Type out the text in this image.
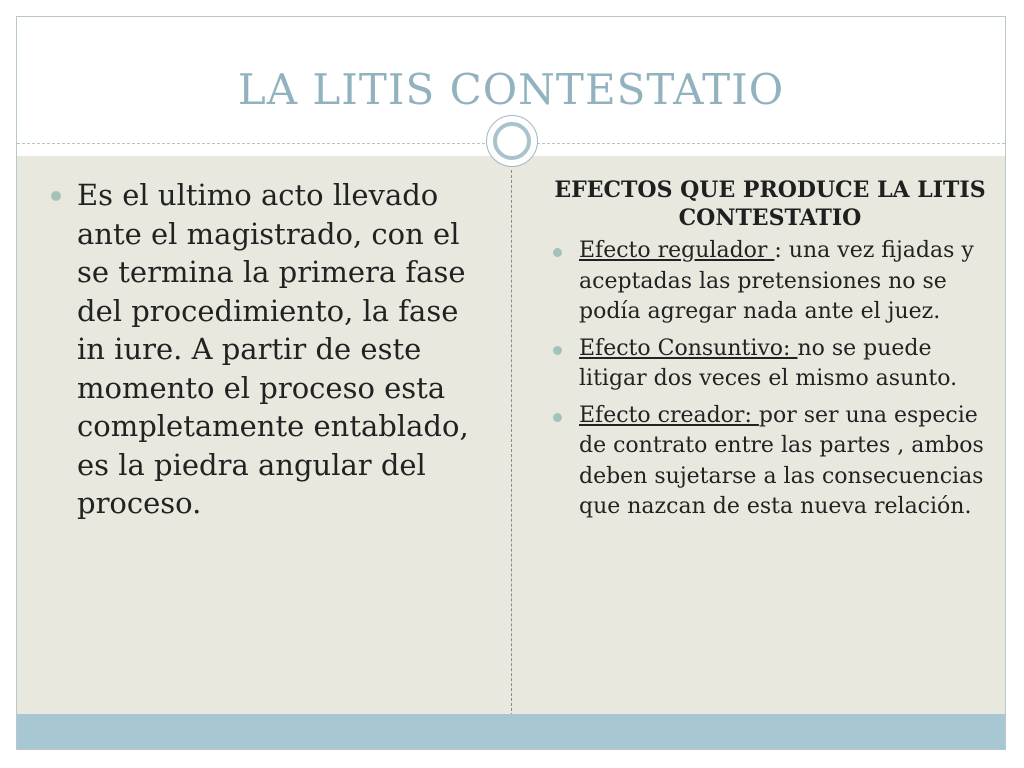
LA LITIS CONTESTATIO
Es el ultimo acto llevado ante el magistrado, con el se termina la primera fase del procedimiento, la fase in iure. A partir de este momento el proceso esta completamente entablado, es la piedra angular del proceso.
EFECTOS QUE PRODUCE LA LITIS CONTESTATIO
Efecto regulador : una vez fijadas y aceptadas las pretensiones no se podía agregar nada ante el juez.
Efecto Consuntivo: no se puede litigar dos veces el mismo asunto.
Efecto creador: por ser una especie de contrato entre las partes , ambos deben sujetarse a las consecuencias que nazcan de esta nueva relación.
